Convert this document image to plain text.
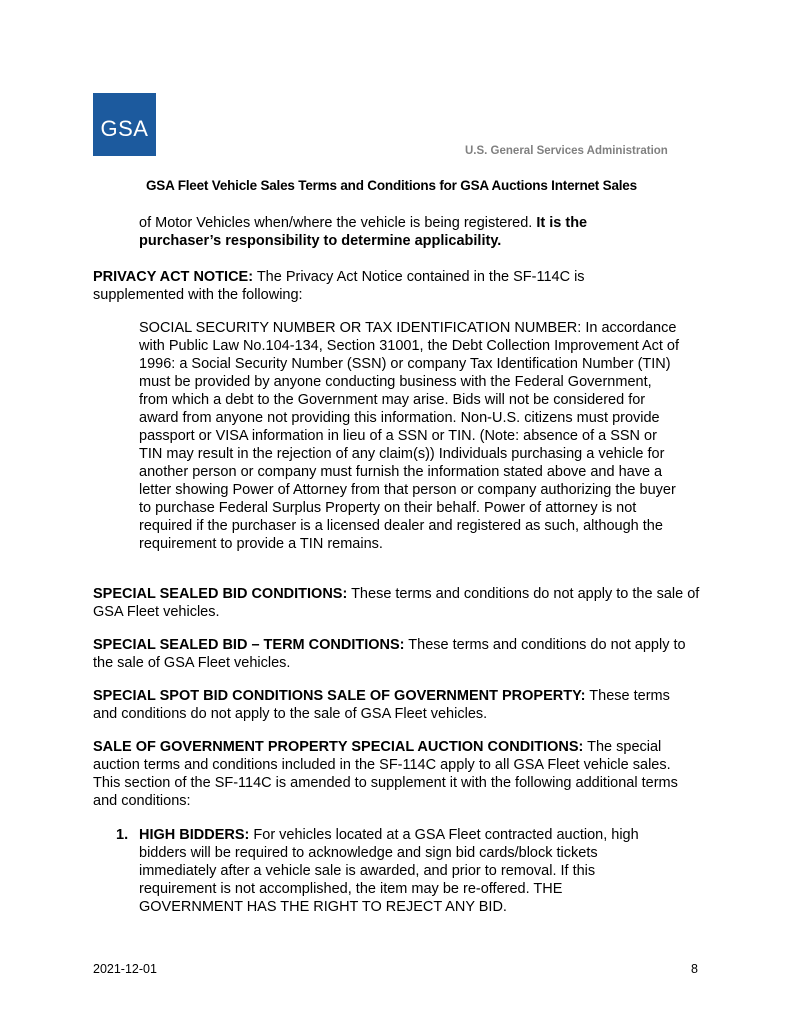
GSA
U.S. General Services Administration
GSA Fleet Vehicle Sales Terms and Conditions for GSA Auctions Internet Sales
of Motor Vehicles when/where the vehicle is being registered. It is the purchaser’s responsibility to determine applicability.
PRIVACY ACT NOTICE: The Privacy Act Notice contained in the SF-114C is supplemented with the following:
SOCIAL SECURITY NUMBER OR TAX IDENTIFICATION NUMBER: In accordance with Public Law No.104-134, Section 31001, the Debt Collection Improvement Act of 1996: a Social Security Number (SSN) or company Tax Identification Number (TIN) must be provided by anyone conducting business with the Federal Government, from which a debt to the Government may arise. Bids will not be considered for award from anyone not providing this information. Non-U.S. citizens must provide passport or VISA information in lieu of a SSN or TIN. (Note: absence of a SSN or TIN may result in the rejection of any claim(s)) Individuals purchasing a vehicle for another person or company must furnish the information stated above and have a letter showing Power of Attorney from that person or company authorizing the buyer to purchase Federal Surplus Property on their behalf. Power of attorney is not required if the purchaser is a licensed dealer and registered as such, although the requirement to provide a TIN remains.
SPECIAL SEALED BID CONDITIONS: These terms and conditions do not apply to the sale of GSA Fleet vehicles.
SPECIAL SEALED BID – TERM CONDITIONS: These terms and conditions do not apply to the sale of GSA Fleet vehicles.
SPECIAL SPOT BID CONDITIONS SALE OF GOVERNMENT PROPERTY: These terms and conditions do not apply to the sale of GSA Fleet vehicles.
SALE OF GOVERNMENT PROPERTY SPECIAL AUCTION CONDITIONS: The special auction terms and conditions included in the SF-114C apply to all GSA Fleet vehicle sales. This section of the SF-114C is amended to supplement it with the following additional terms and conditions:
1. HIGH BIDDERS: For vehicles located at a GSA Fleet contracted auction, high bidders will be required to acknowledge and sign bid cards/block tickets immediately after a vehicle sale is awarded, and prior to removal. If this requirement is not accomplished, the item may be re-offered. THE GOVERNMENT HAS THE RIGHT TO REJECT ANY BID.
2021-12-01	8
